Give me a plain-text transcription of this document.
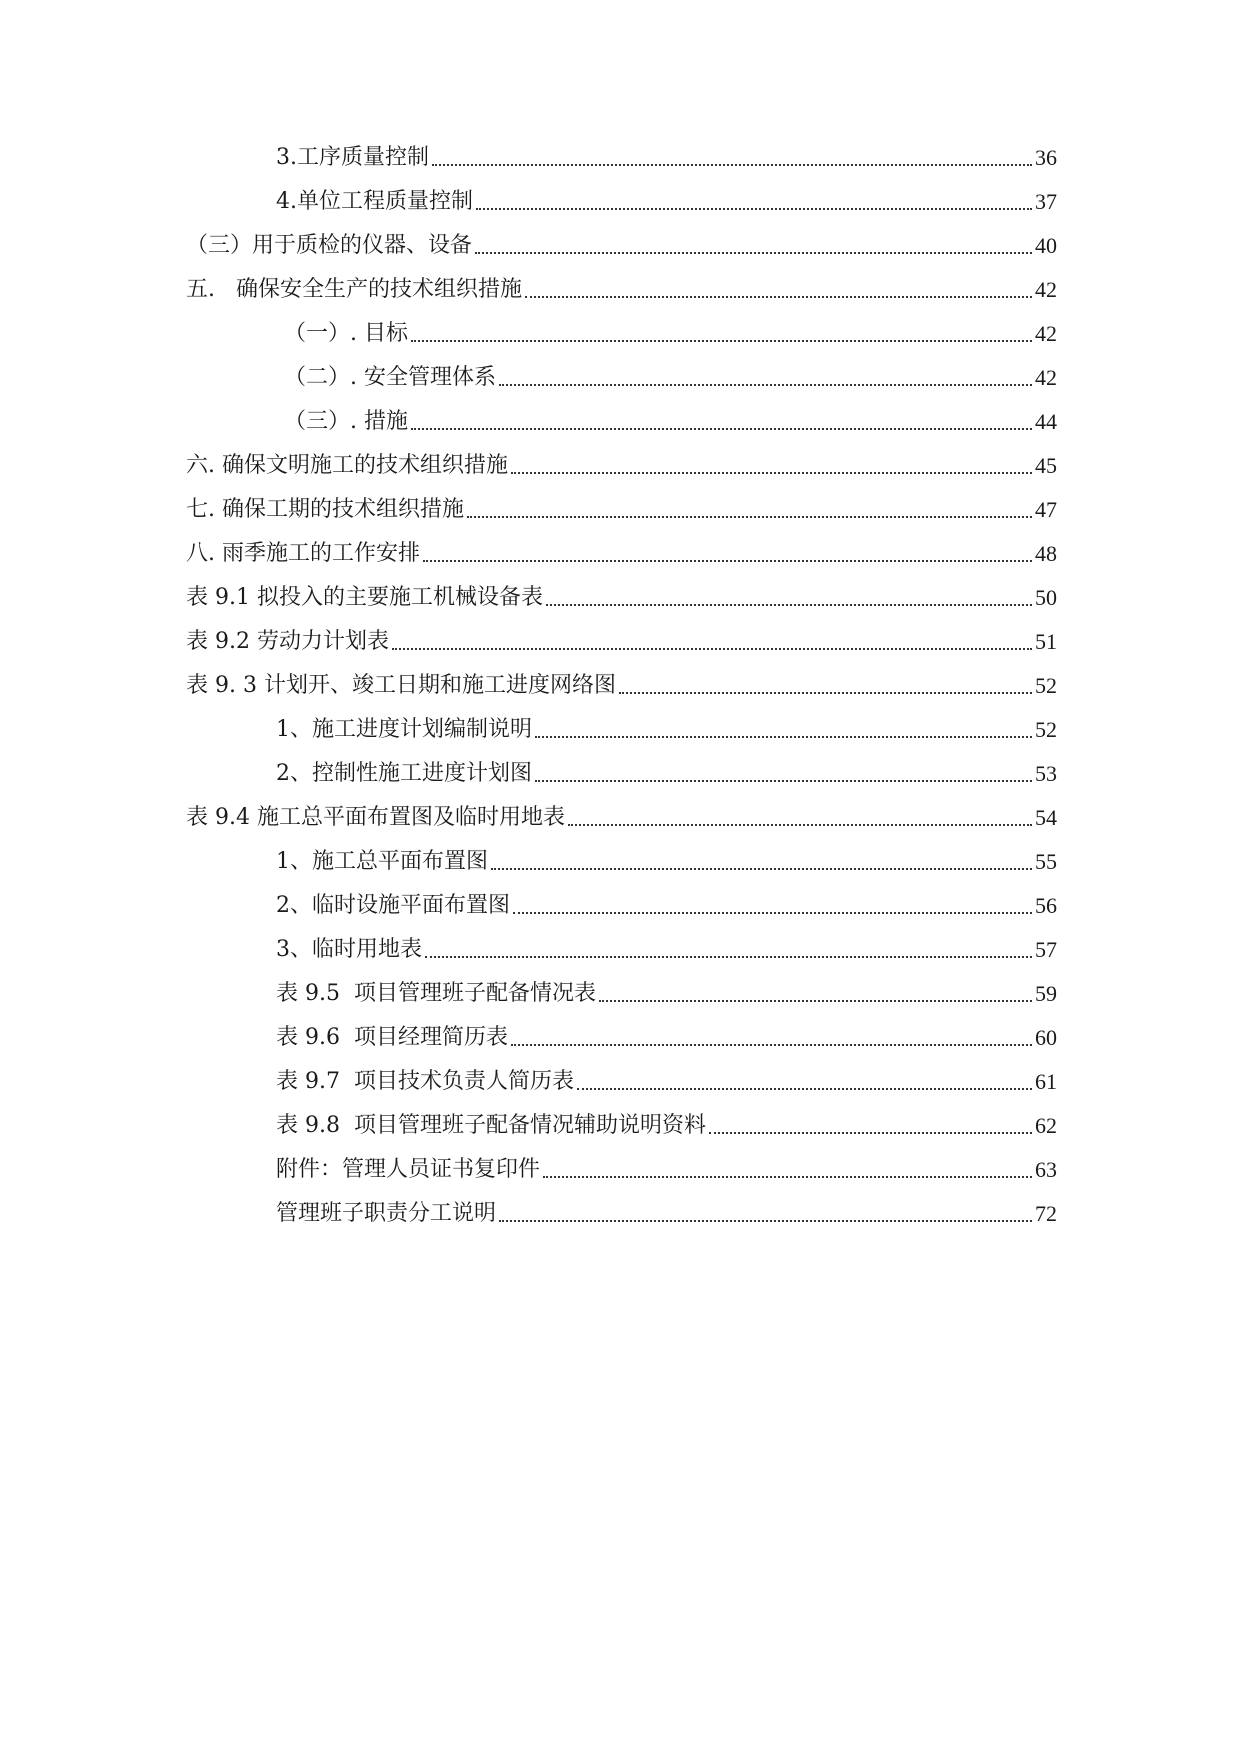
3.工序质量控制	36
4.单位工程质量控制	37
（三）用于质检的仪器、设备	40
五.   确保安全生产的技术组织措施	42
（一）. 目标	42
（二）. 安全管理体系	42
（三）. 措施	44
六. 确保文明施工的技术组织措施	45
七. 确保工期的技术组织措施	47
八. 雨季施工的工作安排	48
表 9.1 拟投入的主要施工机械设备表	50
表 9.2 劳动力计划表	51
表 9. 3 计划开、竣工日期和施工进度网络图	52
1、施工进度计划编制说明	52
2、控制性施工进度计划图	53
表 9.4 施工总平面布置图及临时用地表	54
1、施工总平面布置图	55
2、临时设施平面布置图	56
3、临时用地表	57
表 9.5  项目管理班子配备情况表	59
表 9.6  项目经理简历表	60
表 9.7  项目技术负责人简历表	61
表 9.8  项目管理班子配备情况辅助说明资料	62
附件：管理人员证书复印件	63
管理班子职责分工说明	72
